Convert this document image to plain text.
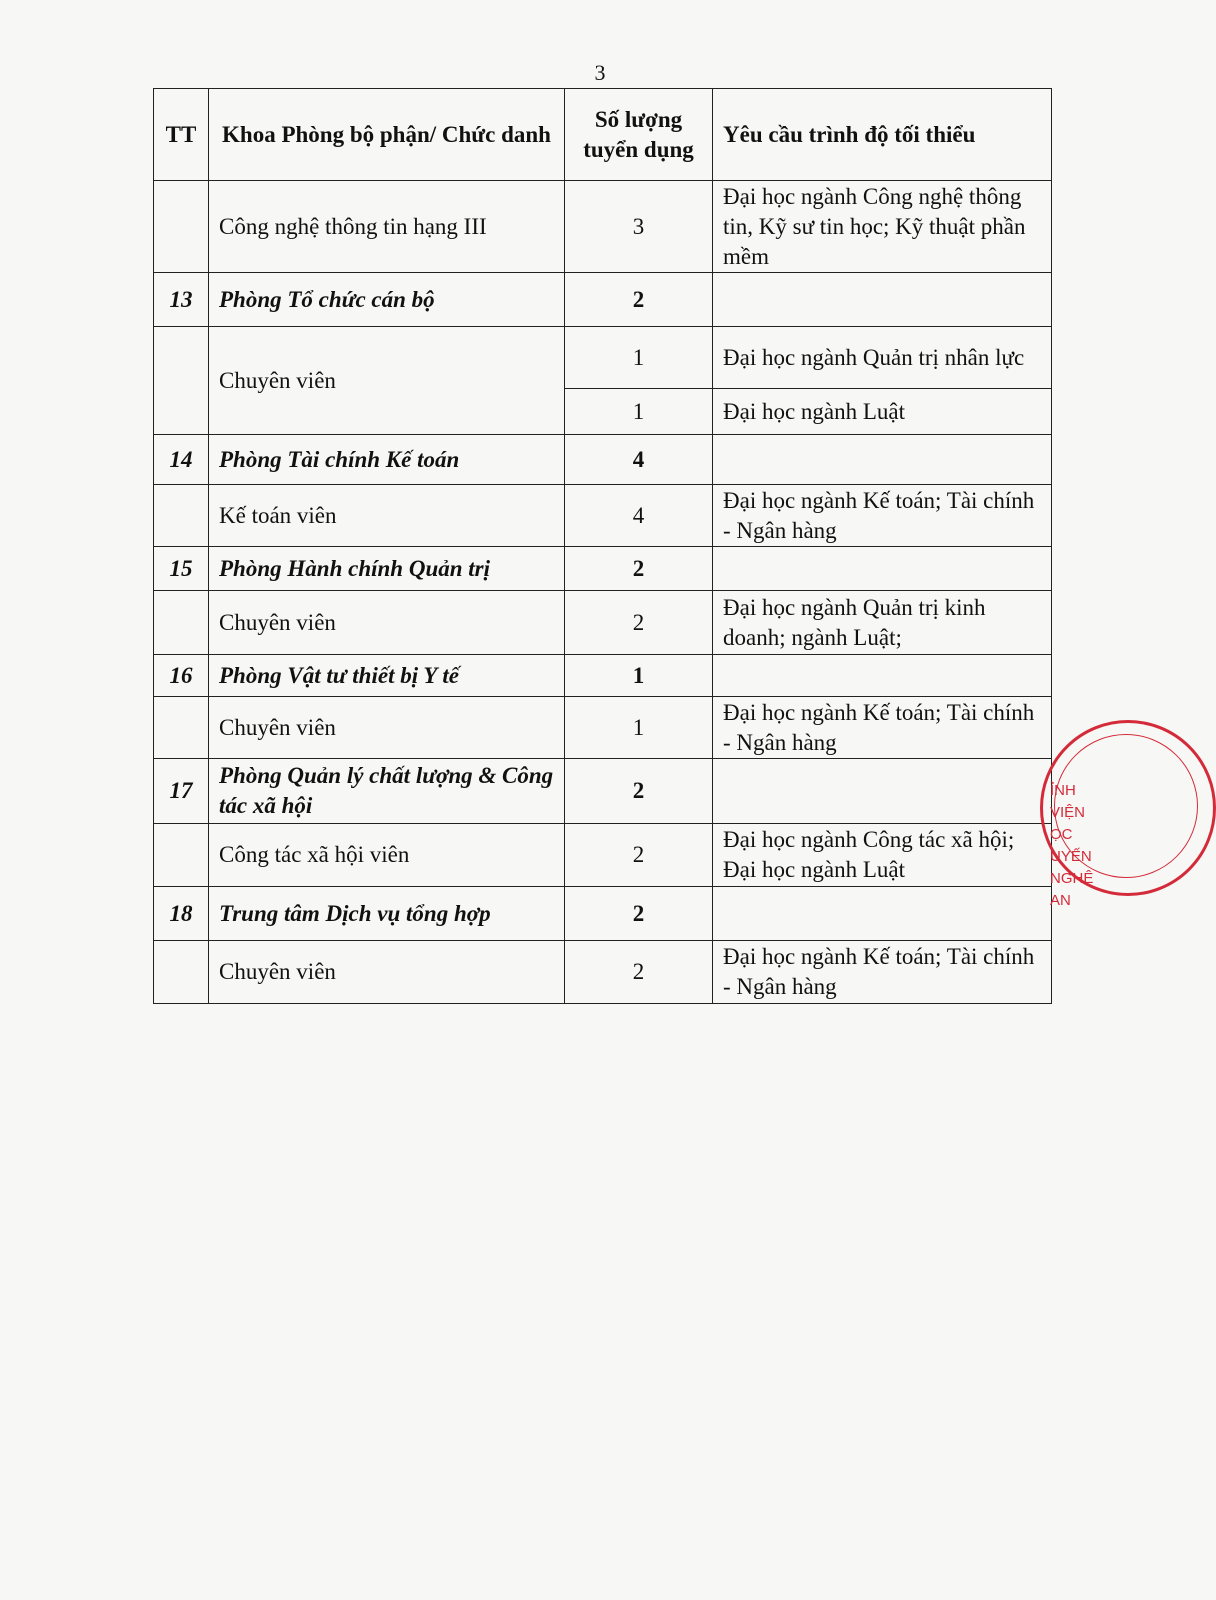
3
TT	Khoa Phòng bộ phận/ Chức danh	Số lượng tuyển dụng	Yêu cầu trình độ tối thiểu
	Công nghệ thông tin hạng III	3	Đại học ngành Công nghệ thông tin, Kỹ sư tin học; Kỹ thuật phần mềm
13	Phòng Tổ chức cán bộ	2	
	Chuyên viên	1	Đại học ngành Quản trị nhân lực
		1	Đại học ngành Luật
14	Phòng Tài chính Kế toán	4	
	Kế toán viên	4	Đại học ngành Kế toán; Tài chính - Ngân hàng
15	Phòng Hành chính Quản trị	2	
	Chuyên viên	2	Đại học ngành Quản trị kinh doanh; ngành Luật;
16	Phòng Vật tư thiết bị Y tế	1	
	Chuyên viên	1	Đại học ngành Kế toán; Tài chính - Ngân hàng
17	Phòng Quản lý chất lượng & Công tác xã hội	2	
	Công tác xã hội viên	2	Đại học ngành Công tác xã hội; Đại học ngành Luật
18	Trung tâm Dịch vụ tổng hợp	2	
	Chuyên viên	2	Đại học ngành Kế toán; Tài chính - Ngân hàng
ỈNH VIỆN ỌC UYẾN NGHỆ AN
